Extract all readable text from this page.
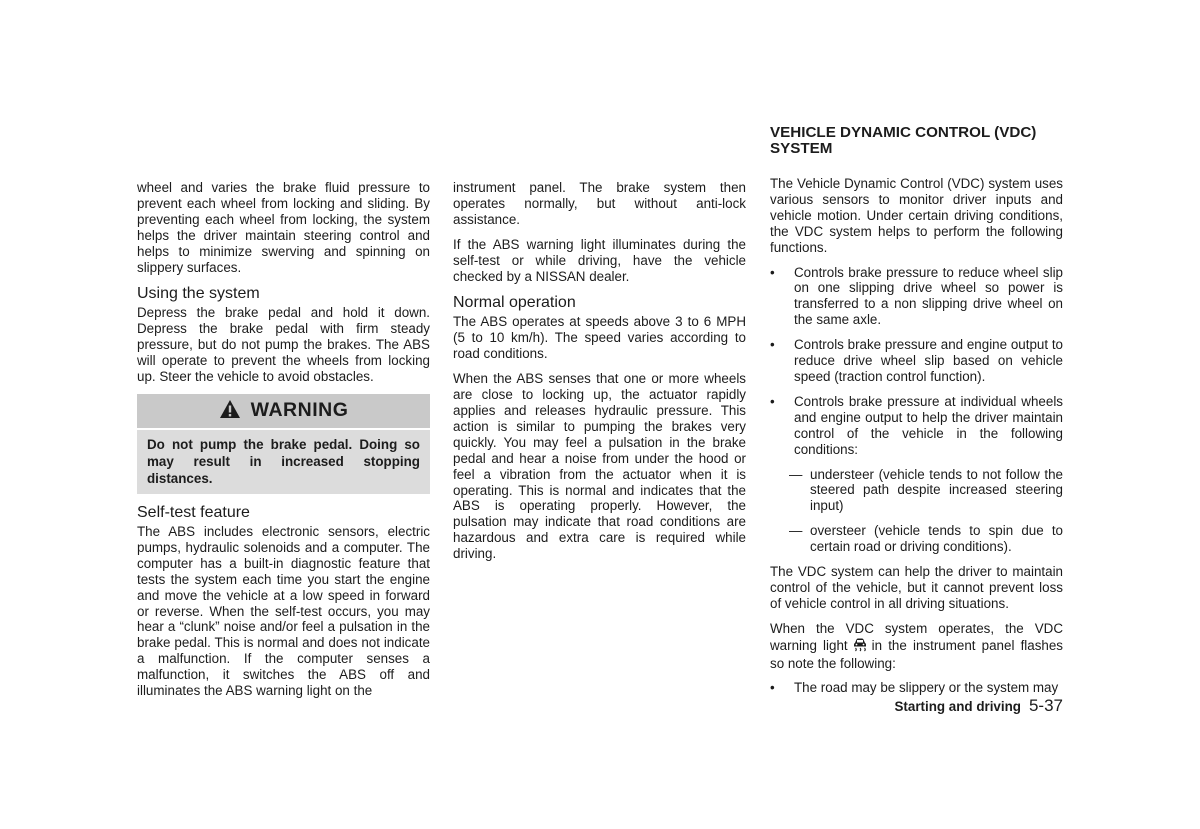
wheel and varies the brake fluid pressure to prevent each wheel from locking and sliding. By preventing each wheel from locking, the system helps the driver maintain steering control and helps to minimize swerving and spinning on slippery surfaces.

Using the system

Depress the brake pedal and hold it down. Depress the brake pedal with firm steady pressure, but do not pump the brakes. The ABS will operate to prevent the wheels from locking up. Steer the vehicle to avoid obstacles.

WARNING
Do not pump the brake pedal. Doing so may result in increased stopping distances.
Self-test feature

The ABS includes electronic sensors, electric pumps, hydraulic solenoids and a computer. The computer has a built-in diagnostic feature that tests the system each time you start the engine and move the vehicle at a low speed in forward or reverse. When the self-test occurs, you may hear a “clunk” noise and/or feel a pulsation in the brake pedal. This is normal and does not indicate a malfunction. If the computer senses a malfunction, it switches the ABS off and illuminates the ABS warning light on the

instrument panel. The brake system then operates normally, but without anti-lock assistance.

If the ABS warning light illuminates during the self-test or while driving, have the vehicle checked by a NISSAN dealer.

Normal operation

The ABS operates at speeds above 3 to 6 MPH (5 to 10 km/h). The speed varies according to road conditions.

When the ABS senses that one or more wheels are close to locking up, the actuator rapidly applies and releases hydraulic pressure. This action is similar to pumping the brakes very quickly. You may feel a pulsation in the brake pedal and hear a noise from under the hood or feel a vibration from the actuator when it is operating. This is normal and indicates that the ABS is operating properly. However, the pulsation may indicate that road conditions are hazardous and extra care is required while driving.

VEHICLE DYNAMIC CONTROL (VDC) SYSTEM

The Vehicle Dynamic Control (VDC) system uses various sensors to monitor driver inputs and vehicle motion. Under certain driving conditions, the VDC system helps to perform the following functions.

• Controls brake pressure to reduce wheel slip on one slipping drive wheel so power is transferred to a non slipping drive wheel on the same axle.
• Controls brake pressure and engine output to reduce drive wheel slip based on vehicle speed (traction control function).
• Controls brake pressure at individual wheels and engine output to help the driver maintain control of the vehicle in the following conditions:
— understeer (vehicle tends to not follow the steered path despite increased steering input)
— oversteer (vehicle tends to spin due to certain road or driving conditions).

The VDC system can help the driver to maintain control of the vehicle, but it cannot prevent loss of vehicle control in all driving situations.

When the VDC system operates, the VDC warning light in the instrument panel flashes so note the following:

• The road may be slippery or the system may
Starting and driving 5-37
